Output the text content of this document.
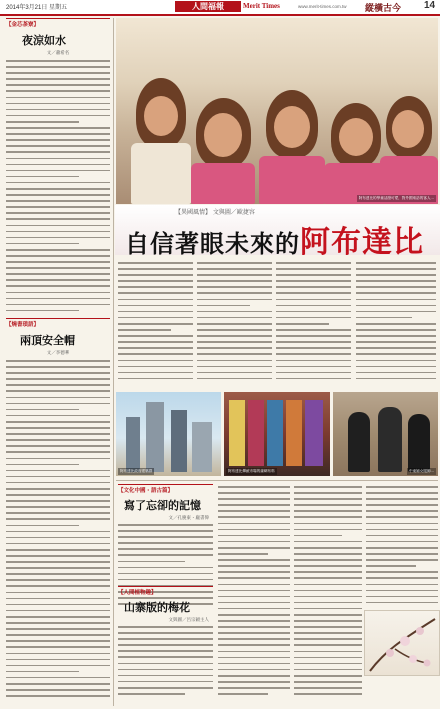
2014年3月21日 星期五	人間福報	Merit Times	www.merit-times.com.tw 縱橫古今 14
【金芯茶寮】
夜涼如水
文／蕭希名
【燒書瑣語】
兩頂安全帽
文／李德華
阿布達比的學童活潑可愛，對外國來訪的客人...
【異國風情】 文與圖／歐捷容
自信著眼未來的阿布達比
阿布達比政府建築群	阿布達比傳統市場的絲綢布料	中東婦女服飾...
【文化中國・語古篇】
寫了忘卻的記憶
文／孔慶東・龐書偉
【人間植物趣】
山寨版的梅花
文與圖／呂宗穎主人
